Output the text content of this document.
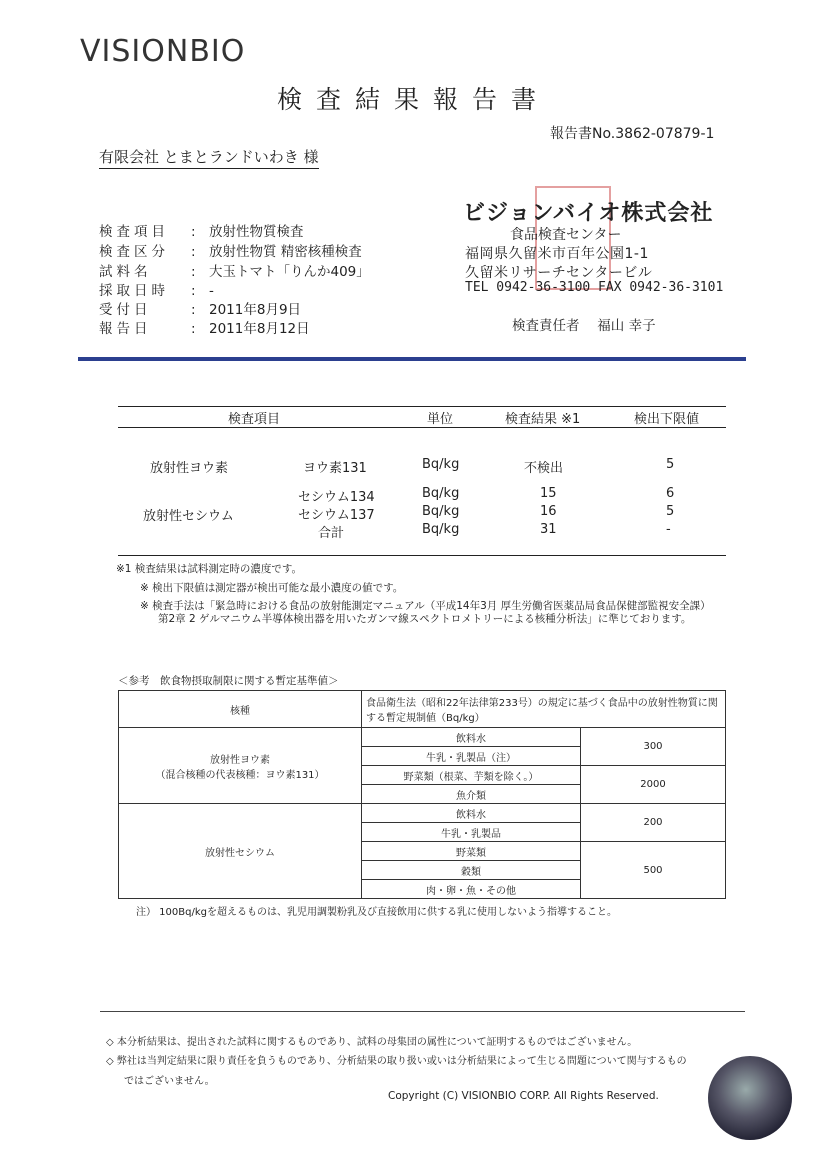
VISIONBIO
検査結果報告書
報告書No.3862-07879-1
有限会社 とまとランドいわき 様
検査項目 : 放射性物質検査
検査区分 : 放射性物質 精密核種検査
試料名	: 大玉トマト「りんか409」
採取日時 : -
受付日	: 2011年8月9日
報告日	: 2011年8月12日
ビジョンバイオ株式会社
食品検査センター
福岡県久留米市百年公園1-1
久留米リサーチセンタービル
TEL 0942-36-3100 FAX 0942-36-3101
検査責任者　 福山 幸子
検査項目	単位	検査結果 ※1	検出下限値
放射性ヨウ素	ヨウ素131	Bq/kg	不検出	5
放射性セシウム
セシウム134	Bq/kg	15	6
セシウム137	Bq/kg	16	5
合計	Bq/kg	31	-
※1 検査結果は試料測定時の濃度です。
※ 検出下限値は測定器が検出可能な最小濃度の値です。
※ 検査手法は「緊急時における食品の放射能測定マニュアル（平成14年3月 厚生労働省医薬品局食品保健部監視安全課）
第2章 2 ゲルマニウム半導体検出器を用いたガンマ線スペクトロメトリーによる核種分析法」に準じております。
＜参考　飲食物摂取制限に関する暫定基準値＞
核種	食品衛生法（昭和22年法律第233号）の規定に基づく食品中の放射性物質に関する暫定規制値（Bq/kg）	

放射性ヨウ素
（混合核種の代表核種：ヨウ素131）	飲料水	300
	牛乳・乳製品（注）	
	野菜類（根菜、芋類を除く。）	2000
	魚介類	
放射性セシウム	飲料水	200
	牛乳・乳製品	
	野菜類	500
	穀類	
	肉・卵・魚・その他	
注） 100Bq/kgを超えるものは、乳児用調製粉乳及び直接飲用に供する乳に使用しないよう指導すること。
◇ 本分析結果は、提出された試料に関するものであり、試料の母集団の属性について証明するものではございません。
◇ 弊社は当判定結果に限り責任を負うものであり、分析結果の取り扱い或いは分析結果によって生じる問題について関与するもの
ではございません。
Copyright (C) VISIONBIO CORP. All Rights Reserved.
